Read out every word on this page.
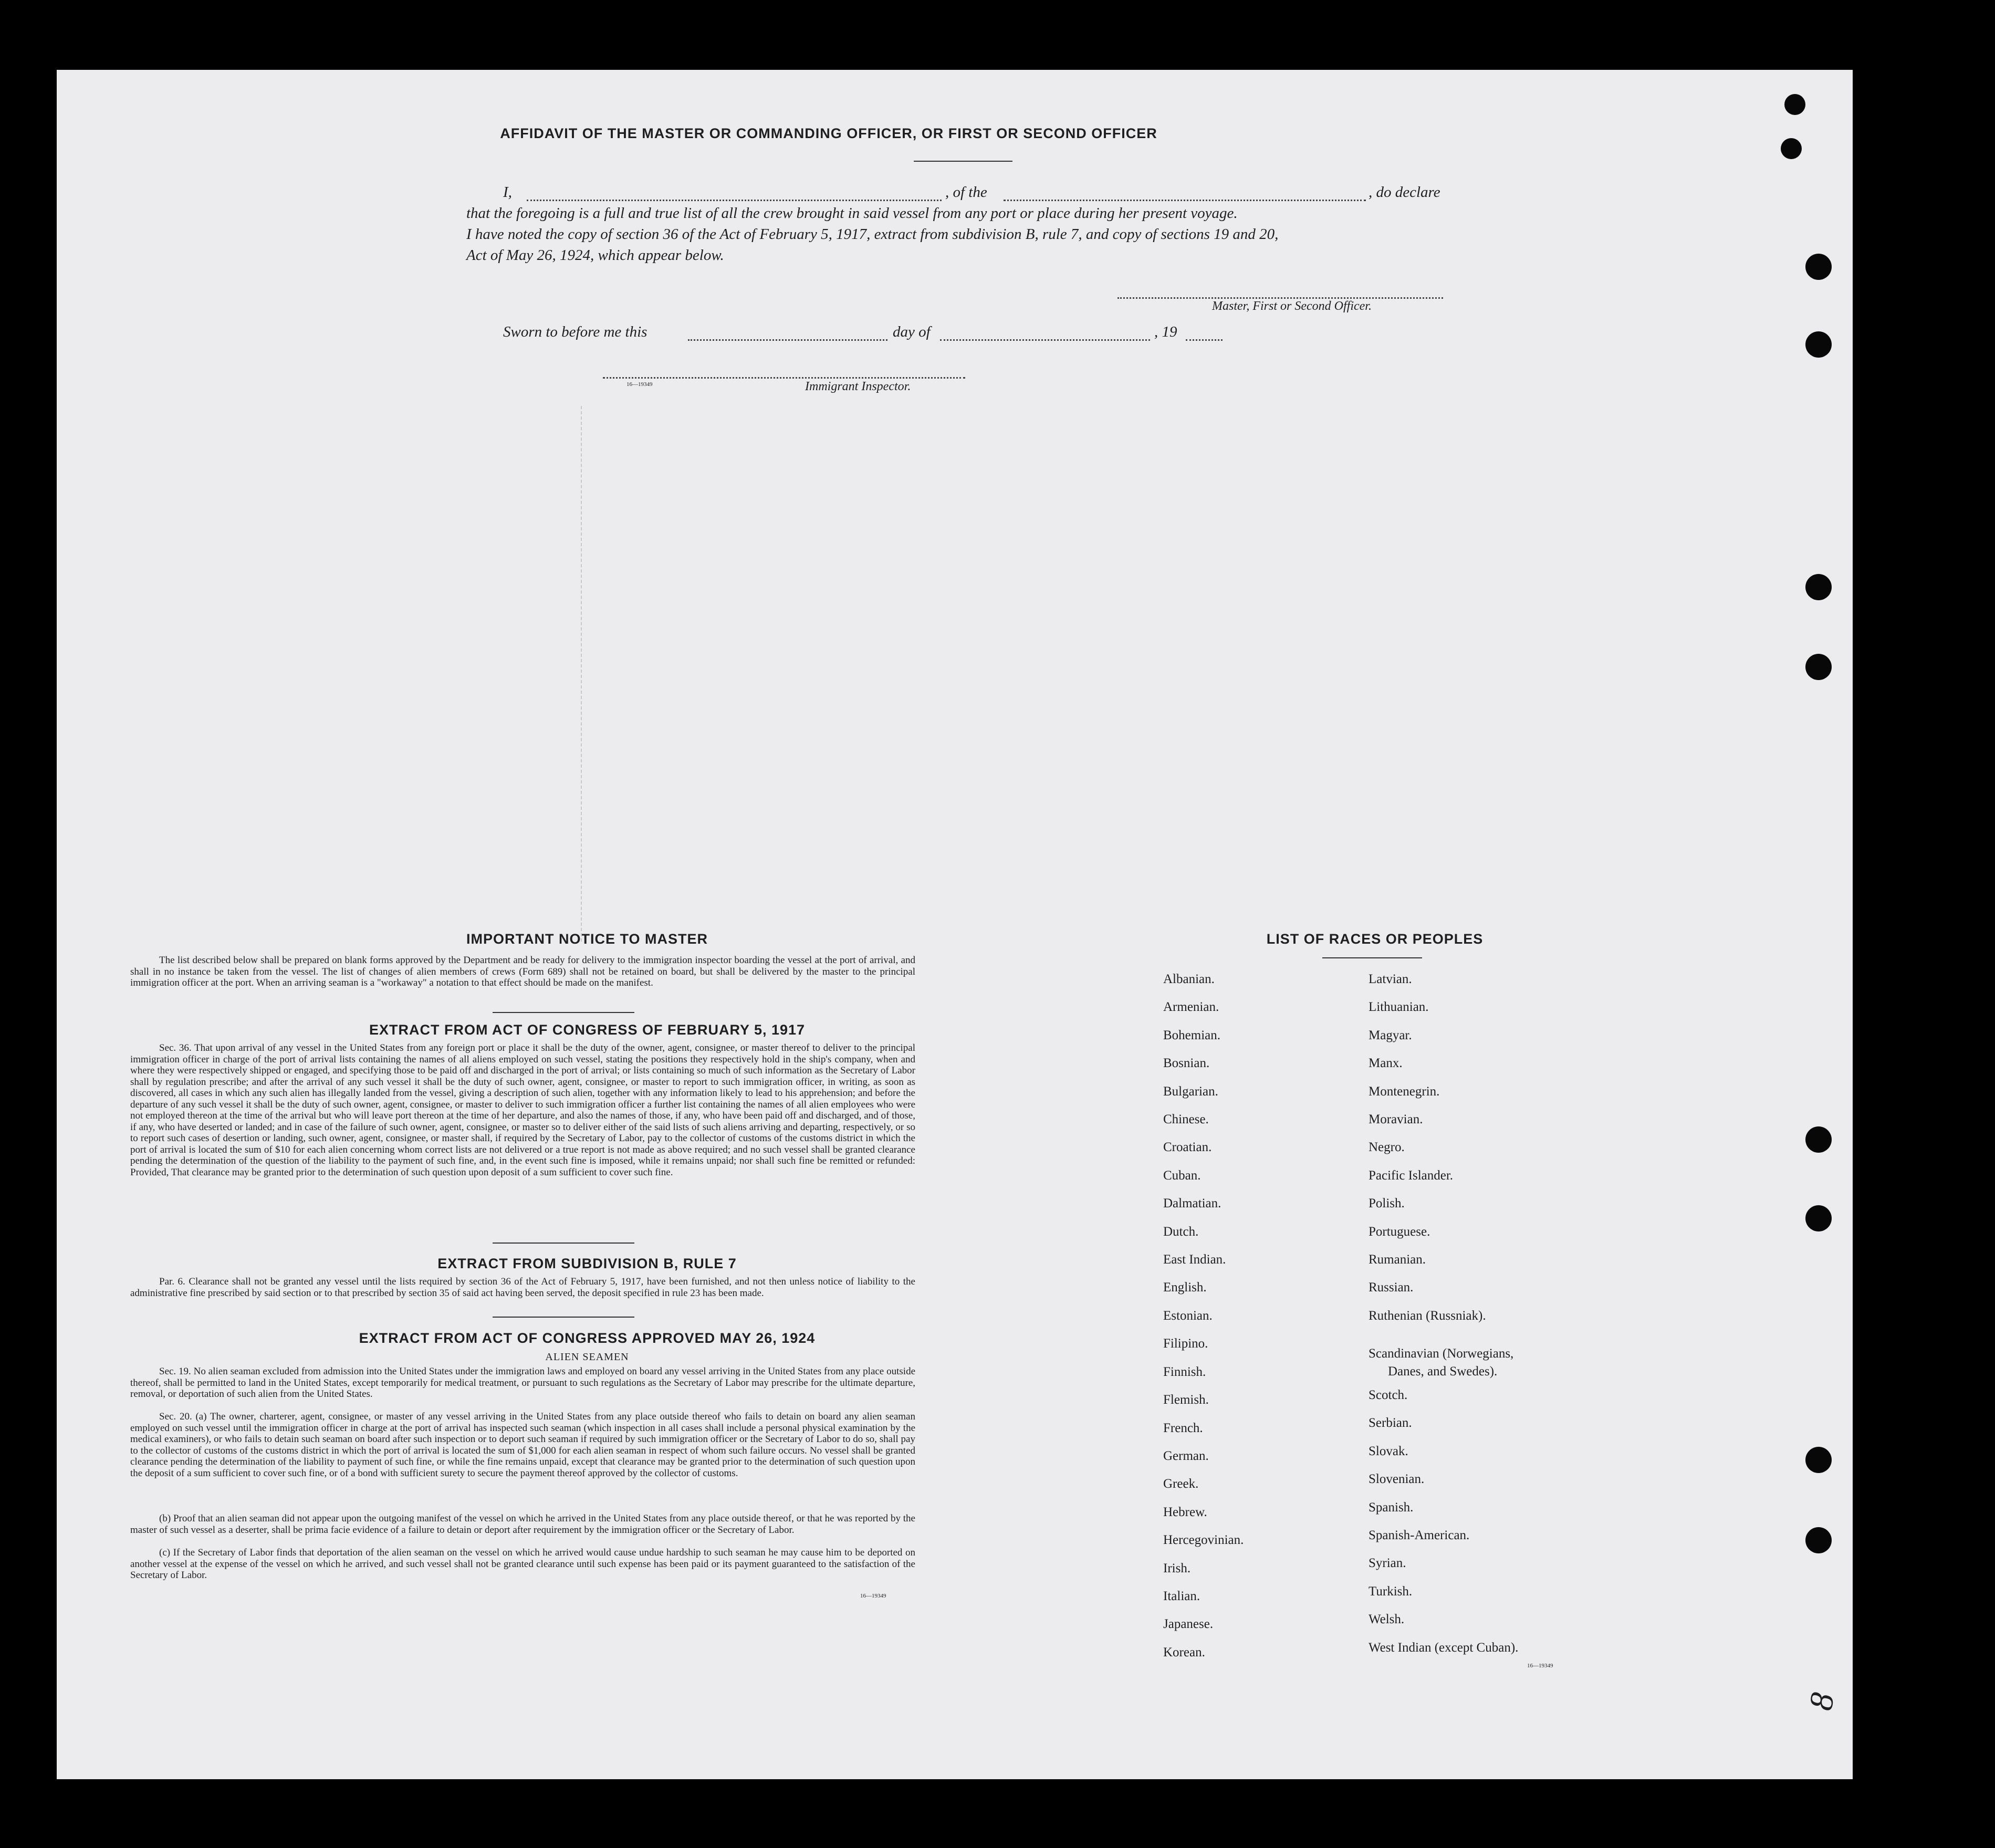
AFFIDAVIT OF THE MASTER OR COMMANDING OFFICER, OR FIRST OR SECOND OFFICER
I,	, of the	, do declare
that the foregoing is a full and true list of all the crew brought in said vessel from any port or place during her present voyage.
I have noted the copy of section 36 of the Act of February 5, 1917, extract from subdivision B, rule 7, and copy of sections 19 and 20,
Act of May 26, 1924, which appear below.
Master, First or Second Officer.
Sworn to before me this	day of	, 19
16—19349	Immigrant Inspector.
IMPORTANT NOTICE TO MASTER
The list described below shall be prepared on blank forms approved by the Department and be ready for delivery to the immigration inspector boarding the vessel at the port of arrival, and shall in no instance be taken from the vessel. The list of changes of alien members of crews (Form 689) shall not be retained on board, but shall be delivered by the master to the principal immigration officer at the port. When an arriving seaman is a "workaway" a notation to that effect should be made on the manifest.
EXTRACT FROM ACT OF CONGRESS OF FEBRUARY 5, 1917
Sec. 36. That upon arrival of any vessel in the United States from any foreign port or place it shall be the duty of the owner, agent, consignee, or master thereof to deliver to the principal immigration officer in charge of the port of arrival lists containing the names of all aliens employed on such vessel, stating the positions they respectively hold in the ship's company, when and where they were respectively shipped or engaged, and specifying those to be paid off and discharged in the port of arrival; or lists containing so much of such information as the Secretary of Labor shall by regulation prescribe; and after the arrival of any such vessel it shall be the duty of such owner, agent, consignee, or master to report to such immigration officer, in writing, as soon as discovered, all cases in which any such alien has illegally landed from the vessel, giving a description of such alien, together with any information likely to lead to his apprehension; and before the departure of any such vessel it shall be the duty of such owner, agent, consignee, or master to deliver to such immigration officer a further list containing the names of all alien employees who were not employed thereon at the time of the arrival but who will leave port thereon at the time of her departure, and also the names of those, if any, who have been paid off and discharged, and of those, if any, who have deserted or landed; and in case of the failure of such owner, agent, consignee, or master so to deliver either of the said lists of such aliens arriving and departing, respectively, or so to report such cases of desertion or landing, such owner, agent, consignee, or master shall, if required by the Secretary of Labor, pay to the collector of customs of the customs district in which the port of arrival is located the sum of $10 for each alien concerning whom correct lists are not delivered or a true report is not made as above required; and no such vessel shall be granted clearance pending the determination of the question of the liability to the payment of such fine, and, in the event such fine is imposed, while it remains unpaid; nor shall such fine be remitted or refunded: Provided, That clearance may be granted prior to the determination of such question upon deposit of a sum sufficient to cover such fine.
EXTRACT FROM SUBDIVISION B, RULE 7
Par. 6. Clearance shall not be granted any vessel until the lists required by section 36 of the Act of February 5, 1917, have been furnished, and not then unless notice of liability to the administrative fine prescribed by said section or to that prescribed by section 35 of said act having been served, the deposit specified in rule 23 has been made.
EXTRACT FROM ACT OF CONGRESS APPROVED MAY 26, 1924
ALIEN SEAMEN
Sec. 19. No alien seaman excluded from admission into the United States under the immigration laws and employed on board any vessel arriving in the United States from any place outside thereof, shall be permitted to land in the United States, except temporarily for medical treatment, or pursuant to such regulations as the Secretary of Labor may prescribe for the ultimate departure, removal, or deportation of such alien from the United States.
Sec. 20. (a) The owner, charterer, agent, consignee, or master of any vessel arriving in the United States from any place outside thereof who fails to detain on board any alien seaman employed on such vessel until the immigration officer in charge at the port of arrival has inspected such seaman (which inspection in all cases shall include a personal physical examination by the medical examiners), or who fails to detain such seaman on board after such inspection or to deport such seaman if required by such immigration officer or the Secretary of Labor to do so, shall pay to the collector of customs of the customs district in which the port of arrival is located the sum of $1,000 for each alien seaman in respect of whom such failure occurs. No vessel shall be granted clearance pending the determination of the liability to payment of such fine, or while the fine remains unpaid, except that clearance may be granted prior to the determination of such question upon the deposit of a sum sufficient to cover such fine, or of a bond with sufficient surety to secure the payment thereof approved by the collector of customs.
(b) Proof that an alien seaman did not appear upon the outgoing manifest of the vessel on which he arrived in the United States from any place outside thereof, or that he was reported by the master of such vessel as a deserter, shall be prima facie evidence of a failure to detain or deport after requirement by the immigration officer or the Secretary of Labor.
(c) If the Secretary of Labor finds that deportation of the alien seaman on the vessel on which he arrived would cause undue hardship to such seaman he may cause him to be deported on another vessel at the expense of the vessel on which he arrived, and such vessel shall not be granted clearance until such expense has been paid or its payment guaranteed to the satisfaction of the Secretary of Labor.
16—19349
LIST OF RACES OR PEOPLES
Albanian.
Armenian.
Bohemian.
Bosnian.
Bulgarian.
Chinese.
Croatian.
Cuban.
Dalmatian.
Dutch.
East Indian.
English.
Estonian.
Filipino.
Finnish.
Flemish.
French.
German.
Greek.
Hebrew.
Hercegovinian.
Irish.
Italian.
Japanese.
Korean.
Latvian.
Lithuanian.
Magyar.
Manx.
Montenegrin.
Moravian.
Negro.
Pacific Islander.
Polish.
Portuguese.
Rumanian.
Russian.
Ruthenian (Russniak).
Scandinavian (Norwegians,
Danes, and Swedes).
Scotch.
Serbian.
Slovak.
Slovenian.
Spanish.
Spanish-American.
Syrian.
Turkish.
Welsh.
West Indian (except Cuban).
16—19349
8
